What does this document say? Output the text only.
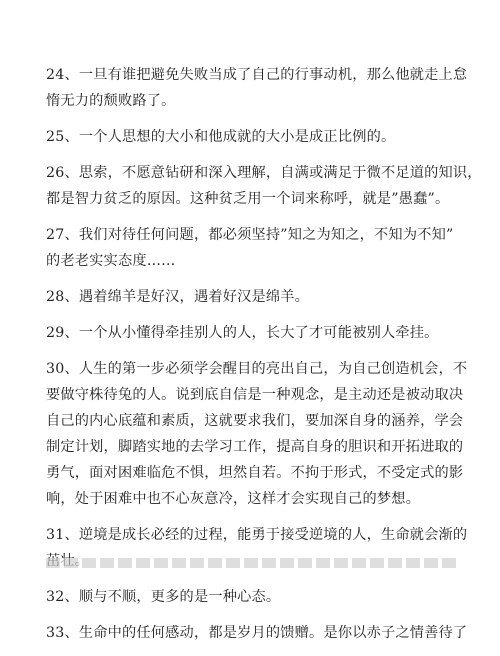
24、一旦有谁把避免失败当成了自己的行事动机，那么他就走上怠
惰无力的颓败路了。

25、一个人思想的大小和他成就的大小是成正比例的。

26、思索，不愿意钻研和深入理解，自满或满足于微不足道的知识，
都是智力贫乏的原因。这种贫乏用一个词来称呼，就是”愚蠢”。

27、我们对待任何问题，都必须坚持”知之为知之，不知为不知”
的老老实实态度……

28、遇着绵羊是好汉，遇着好汉是绵羊。

29、一个从小懂得牵挂别人的人，长大了才可能被别人牵挂。

30、人生的第一步必须学会醒目的亮出自己，为自己创造机会，不
要做守株待兔的人。说到底自信是一种观念，是主动还是被动取决
自己的内心底蕴和素质，这就要求我们，要加深自身的涵养，学会
制定计划，脚踏实地的去学习工作，提高自身的胆识和开拓进取的
勇气，面对困难临危不惧，坦然自若。不拘于形式，不受定式的影
响，处于困难中也不心灰意冷，这样才会实现自己的梦想。

31、逆境是成长必经的过程，能勇于接受逆境的人，生命就会渐的

32、顺与不顺，更多的是一种心态。

33、生命中的任何感动，都是岁月的馈赠。是你以赤子之情善待了
